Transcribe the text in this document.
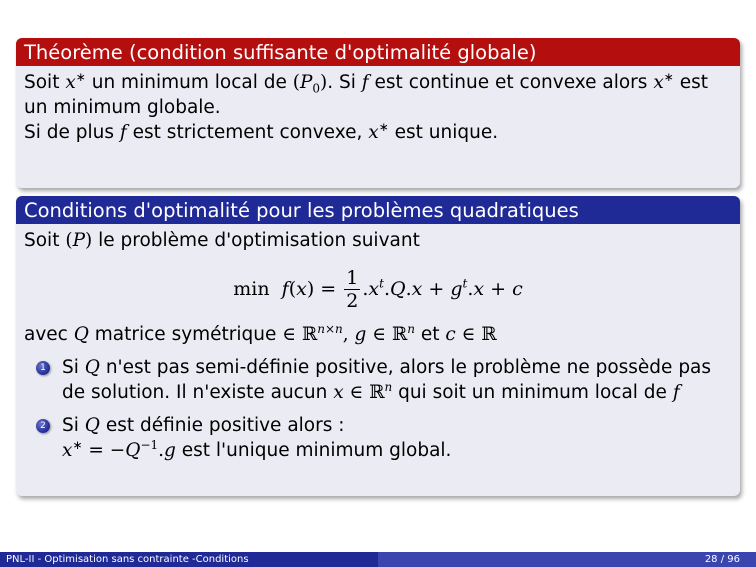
Théorème (condition suffisante d'optimalité globale)
Soit x∗ un minimum local de $(P_0)$. Si f est continue et convexe alors x∗ est un minimum globale.
Si de plus f est strictement convexe, x∗ est unique.
Conditions d'optimalité pour les problèmes quadratiques
Soit (P) le problème d'optimisation suivant
$\min f(x) = \frac{1}{2} .x^t.Q.x + g^t.x + c$
avec Q matrice symétrique ∈ ℝ$^{n\times n}$, g ∈ ℝ$^n$ et c ∈ ℝ
1 Si Q n'est pas semi-définie positive, alors le problème ne possède pas de solution. Il n'existe aucun x ∈ ℝ$^n$ qui soit un minimum local de f
2 Si Q est définie positive alors :
$x^∗ = -Q^{-1}.g$ est l'unique minimum global.
PNL-II - Optimisation sans contrainte -Conditions	28 / 96
